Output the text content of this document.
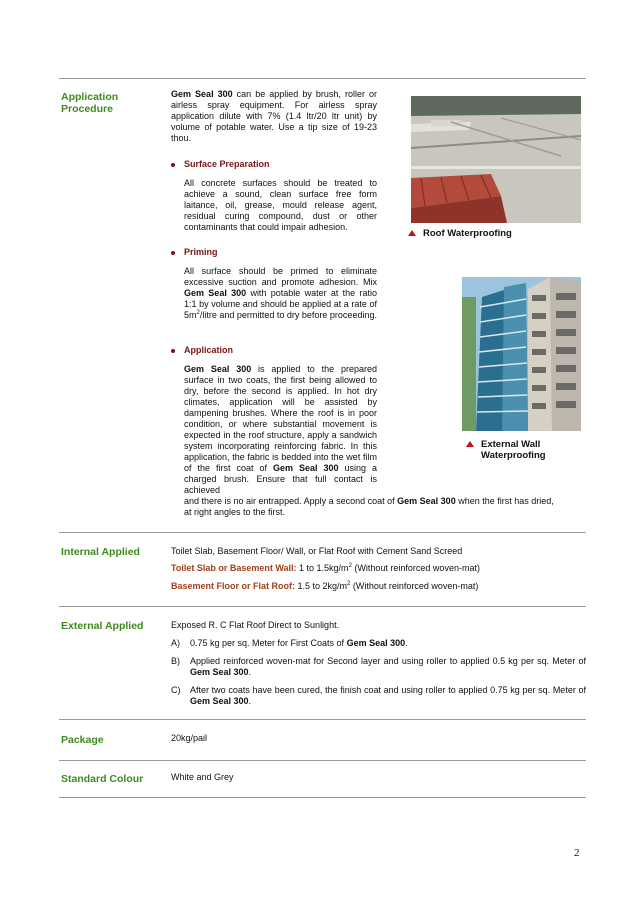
Application
Procedure
Gem Seal 300 can be applied by brush, roller or airless spray equipment. For airless spray application dilute with 7% (1.4 ltr/20 ltr unit) by volume of potable water. Use a tip size of 19-23 thou.
Surface Preparation
All concrete surfaces should be treated to achieve a sound, clean surface free form laitance, oil, grease, mould release agent, residual curing compound, dust or other contaminants that could impair adhesion.
Priming
All surface should be primed to eliminate excessive suction and promote adhesion. Mix Gem Seal 300 with potable water at the ratio 1:1 by volume and should be applied at a rate of $5m^2$/litre and permitted to dry before proceeding.
Application
Gem Seal 300 is applied to the prepared surface in two coats, the first being allowed to dry, before the second is applied. In hot dry climates, application will be assisted by dampening brushes. Where the roof is in poor condition, or where substantial movement is expected in the roof structure, apply a sandwich system incorporating reinforcing fabric. In this application, the fabric is bedded into the wet film of the first coat of Gem Seal 300 using a charged brush. Ensure that full contact is achieved
and there is no air entrapped. Apply a second coat of Gem Seal 300 when the first has dried,
at right angles to the first.
Roof Waterproofing
External Wall
Waterproofing
Internal Applied	Toilet Slab, Basement Floor/ Wall, or Flat Roof with Cement Sand Screed
Toilet Slab or Basement Wall: 1 to $1.5kg/m^2$ (Without reinforced woven-mat)
Basement Floor or Flat Roof: 1.5 to $2kg/m^2$ (Without reinforced woven-mat)
External Applied	Exposed R. C Flat Roof Direct to Sunlight.
A) 0.75 kg per sq. Meter for First Coats of Gem Seal 300.
B) Applied reinforced woven-mat for Second layer and using roller to applied 0.5 kg per sq. Meter of Gem Seal 300.
C) After two coats have been cured, the finish coat and using roller to applied 0.75 kg per sq. Meter of Gem Seal 300.
Package	20kg/pail
Standard Colour	White and Grey
2
